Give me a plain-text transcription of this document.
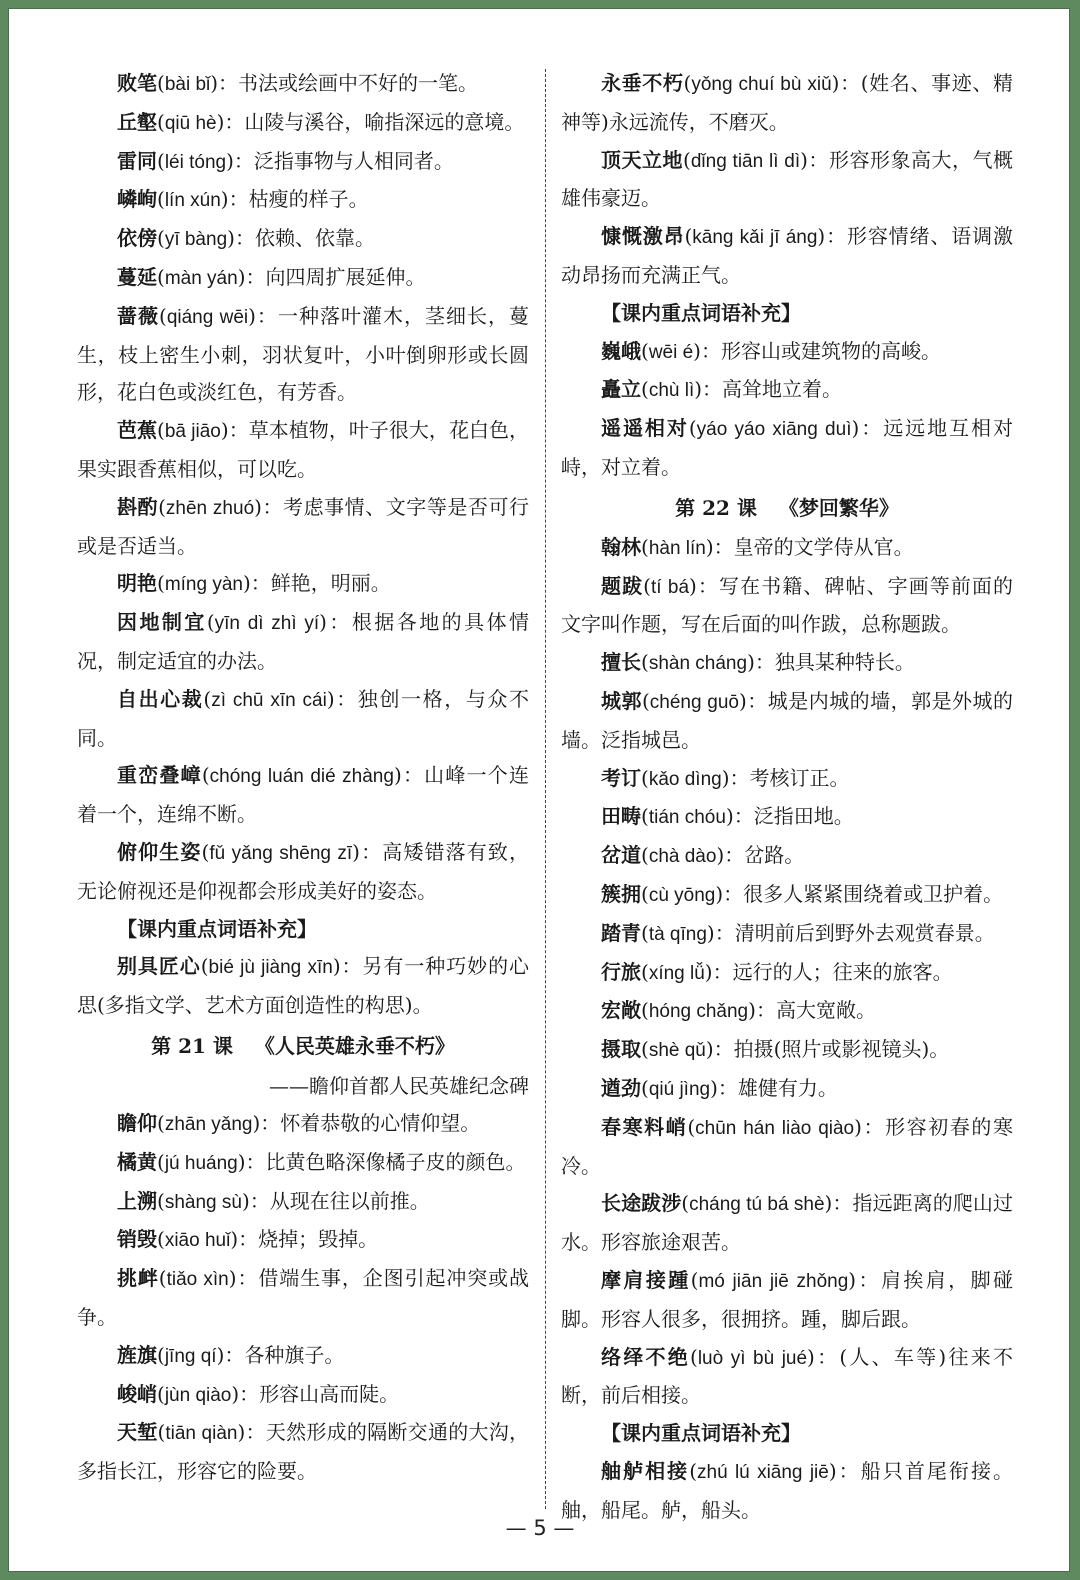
败笔(bài bǐ)：书法或绘画中不好的一笔。

丘壑(qiū hè)：山陵与溪谷，喻指深远的意境。

雷同(léi tóng)：泛指事物与人相同者。

嶙峋(lín xún)：枯瘦的样子。

依傍(yī bàng)：依赖、依靠。

蔓延(màn yán)：向四周扩展延伸。

蔷薇(qiáng wēi)：一种落叶灌木，茎细长，蔓生，枝上密生小刺，羽状复叶，小叶倒卵形或长圆形，花白色或淡红色，有芳香。

芭蕉(bā jiāo)：草本植物，叶子很大，花白色，果实跟香蕉相似，可以吃。

斟酌(zhēn zhuó)：考虑事情、文字等是否可行或是否适当。

明艳(míng yàn)：鲜艳，明丽。

因地制宜(yīn dì zhì yí)：根据各地的具体情况，制定适宜的办法。

自出心裁(zì chū xīn cái)：独创一格，与众不同。

重峦叠嶂(chóng luán dié zhàng)：山峰一个连着一个，连绵不断。

俯仰生姿(fǔ yǎng shēng zī)：高矮错落有致，无论俯视还是仰视都会形成美好的姿态。

【课内重点词语补充】

别具匠心(bié jù jiàng xīn)：另有一种巧妙的心思(多指文学、艺术方面创造性的构思)。

第 21 课 《人民英雄永垂不朽》

——瞻仰首都人民英雄纪念碑

瞻仰(zhān yǎng)：怀着恭敬的心情仰望。

橘黄(jú huáng)：比黄色略深像橘子皮的颜色。

上溯(shàng sù)：从现在往以前推。

销毁(xiāo huǐ)：烧掉；毁掉。

挑衅(tiǎo xìn)：借端生事，企图引起冲突或战争。

旌旗(jīng qí)：各种旗子。

峻峭(jùn qiào)：形容山高而陡。

天堑(tiān qiàn)：天然形成的隔断交通的大沟，多指长江，形容它的险要。

永垂不朽(yǒng chuí bù xiǔ)：(姓名、事迹、精神等)永远流传，不磨灭。

顶天立地(dǐng tiān lì dì)：形容形象高大，气概雄伟豪迈。

慷慨激昂(kāng kǎi jī áng)：形容情绪、语调激动昂扬而充满正气。

【课内重点词语补充】

巍峨(wēi é)：形容山或建筑物的高峻。

矗立(chù lì)：高耸地立着。

遥遥相对(yáo yáo xiāng duì)：远远地互相对峙，对立着。

第 22 课 《梦回繁华》

翰林(hàn lín)：皇帝的文学侍从官。

题跋(tí bá)：写在书籍、碑帖、字画等前面的文字叫作题，写在后面的叫作跋，总称题跋。

擅长(shàn cháng)：独具某种特长。

城郭(chéng guō)：城是内城的墙，郭是外城的墙。泛指城邑。

考订(kǎo dìng)：考核订正。

田畴(tián chóu)：泛指田地。

岔道(chà dào)：岔路。

簇拥(cù yōng)：很多人紧紧围绕着或卫护着。

踏青(tà qīng)：清明前后到野外去观赏春景。

行旅(xíng lǚ)：远行的人；往来的旅客。

宏敞(hóng chǎng)：高大宽敞。

摄取(shè qǔ)：拍摄(照片或影视镜头)。

遒劲(qiú jìng)：雄健有力。

春寒料峭(chūn hán liào qiào)：形容初春的寒冷。

长途跋涉(cháng tú bá shè)：指远距离的爬山过水。形容旅途艰苦。

摩肩接踵(mó jiān jiē zhǒng)：肩挨肩，脚碰脚。形容人很多，很拥挤。踵，脚后跟。

络绎不绝(luò yì bù jué)：(人、车等)往来不断，前后相接。

【课内重点词语补充】

舳舻相接(zhú lú xiāng jiē)：船只首尾衔接。舳，船尾。舻，船头。

— 5 —
